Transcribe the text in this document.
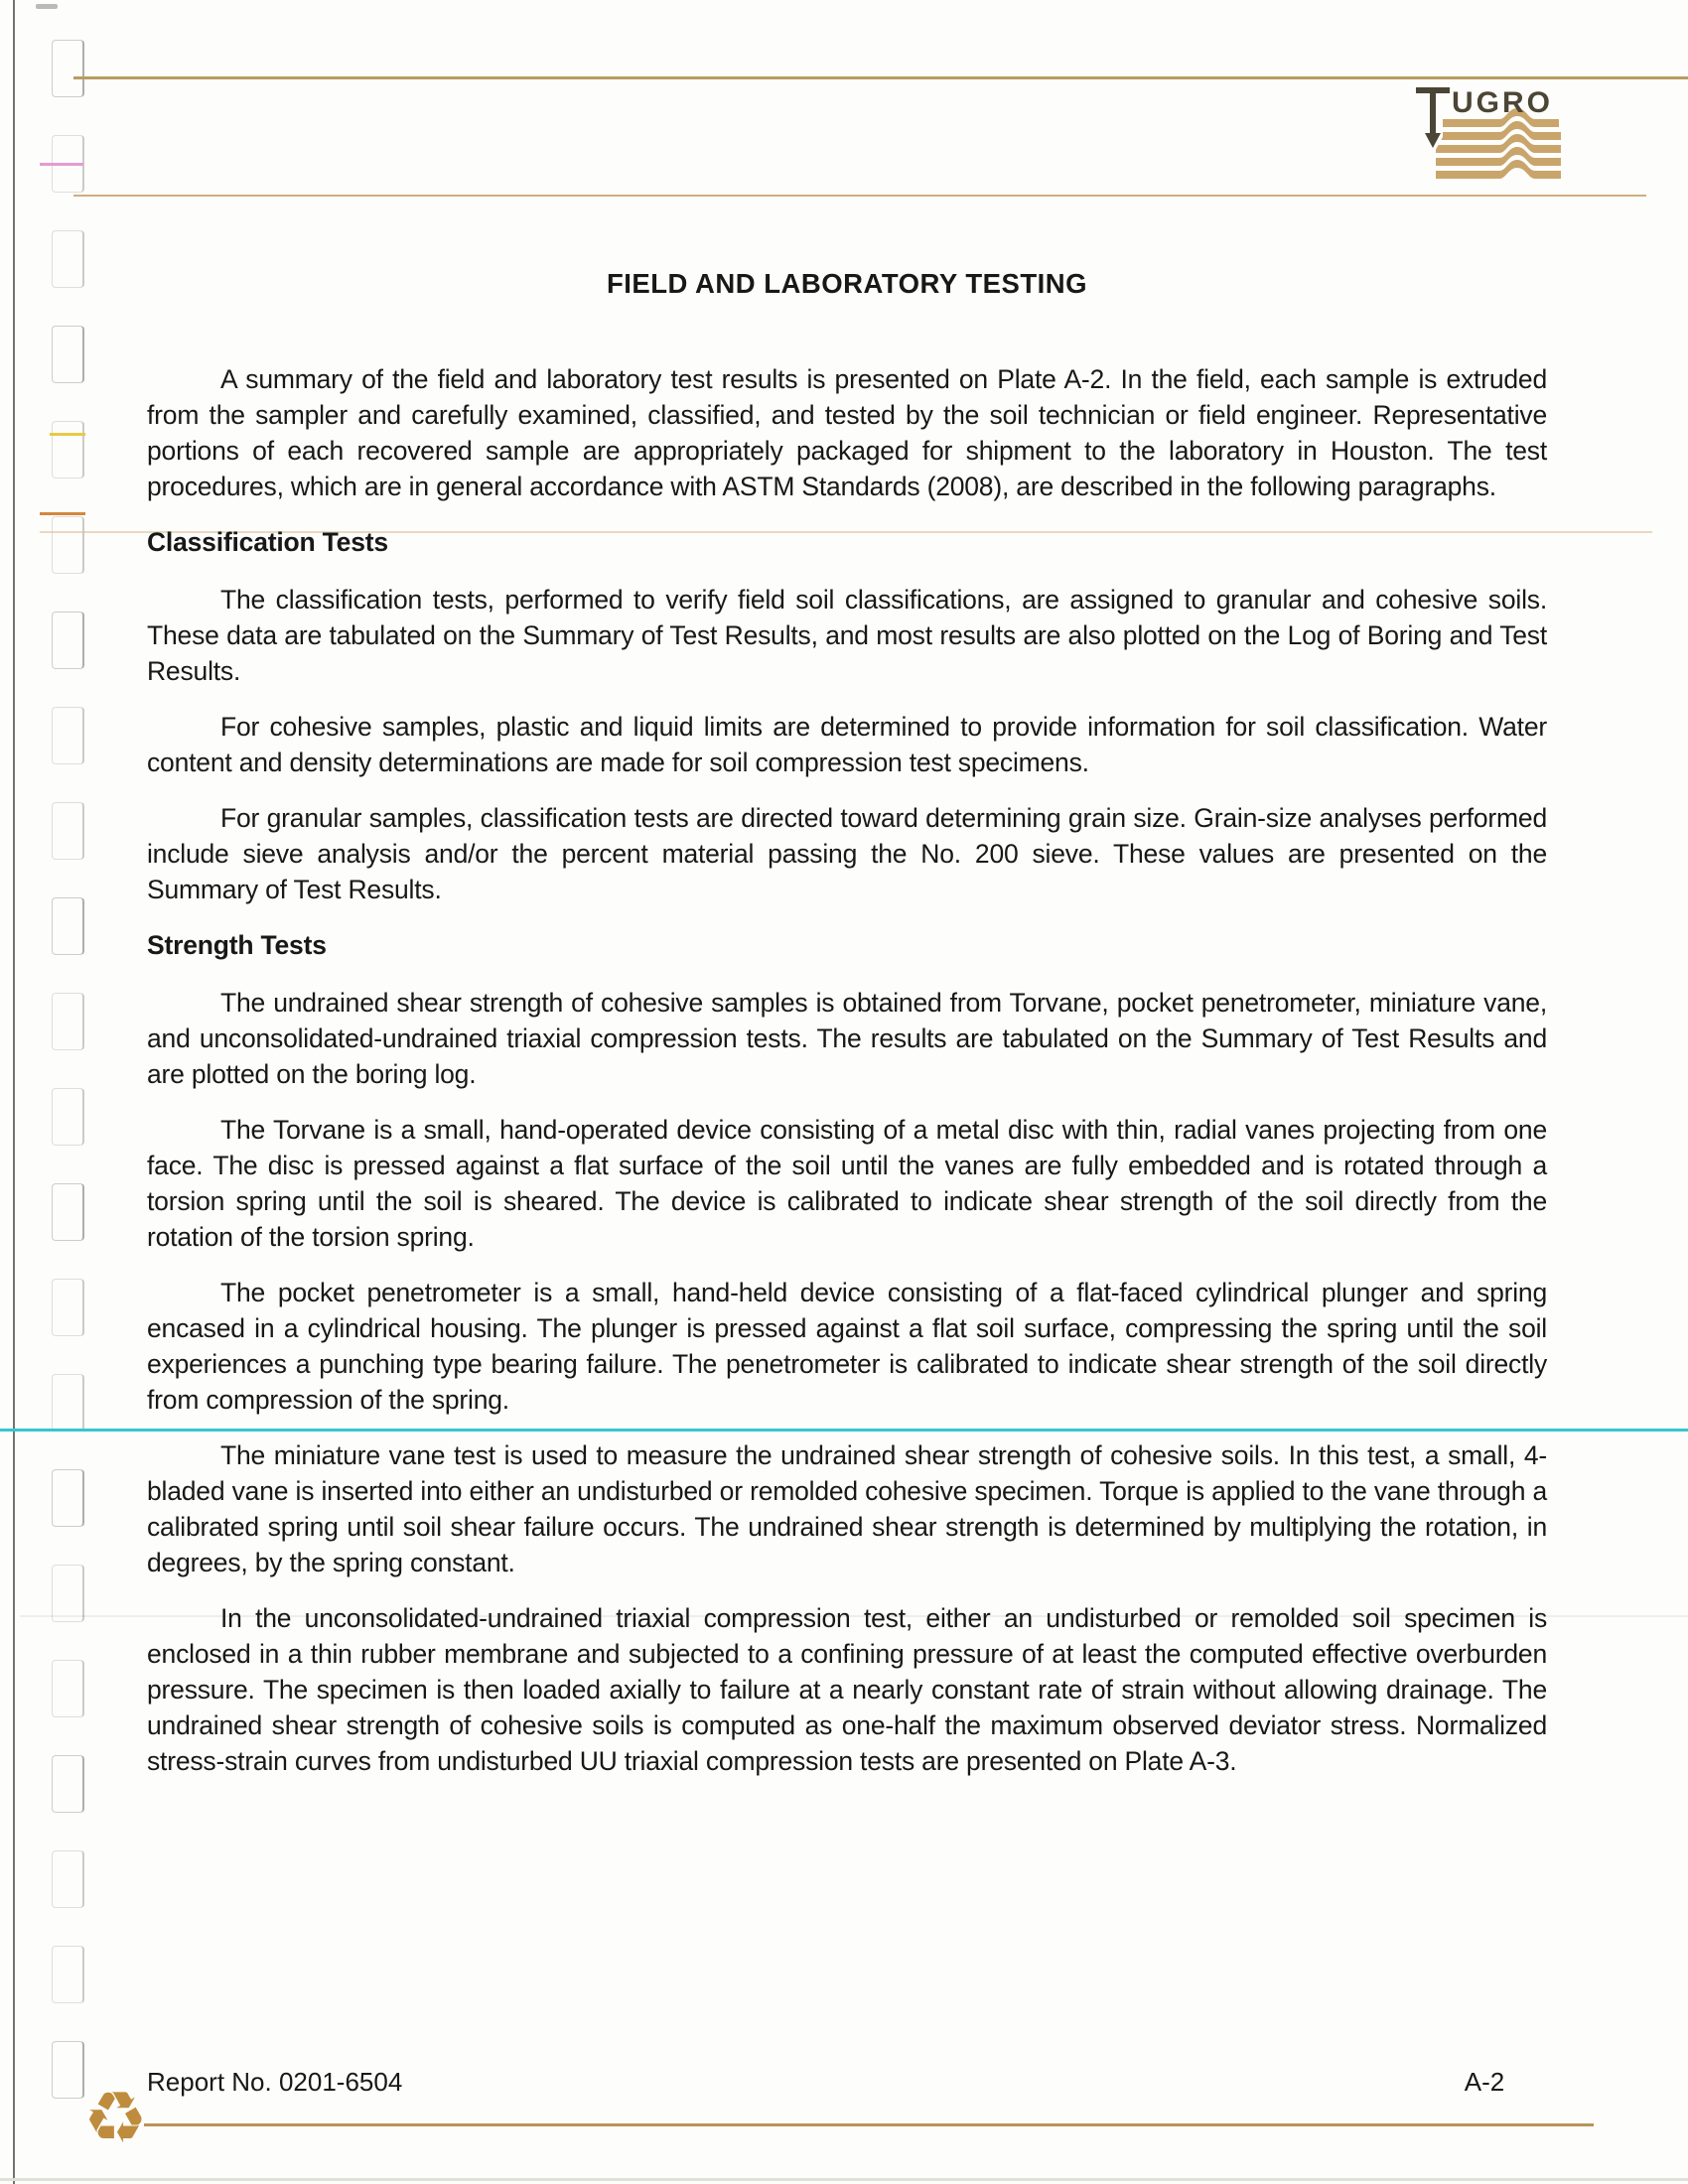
UGRO
FIELD AND LABORATORY TESTING

A summary of the field and laboratory test results is presented on Plate A-2. In the field, each sample is extruded from the sampler and carefully examined, classified, and tested by the soil technician or field engineer. Representative portions of each recovered sample are appropriately packaged for shipment to the laboratory in Houston. The test procedures, which are in general accordance with ASTM Standards (2008), are described in the following paragraphs.

Classification Tests

The classification tests, performed to verify field soil classifications, are assigned to granular and cohesive soils. These data are tabulated on the Summary of Test Results, and most results are also plotted on the Log of Boring and Test Results.

For cohesive samples, plastic and liquid limits are determined to provide information for soil classification. Water content and density determinations are made for soil compression test specimens.

For granular samples, classification tests are directed toward determining grain size. Grain-size analyses performed include sieve analysis and/or the percent material passing the No. 200 sieve. These values are presented on the Summary of Test Results.

Strength Tests

The undrained shear strength of cohesive samples is obtained from Torvane, pocket penetrometer, miniature vane, and unconsolidated-undrained triaxial compression tests. The results are tabulated on the Summary of Test Results and are plotted on the boring log.

The Torvane is a small, hand-operated device consisting of a metal disc with thin, radial vanes projecting from one face. The disc is pressed against a flat surface of the soil until the vanes are fully embedded and is rotated through a torsion spring until the soil is sheared. The device is calibrated to indicate shear strength of the soil directly from the rotation of the torsion spring.

The pocket penetrometer is a small, hand-held device consisting of a flat-faced cylindrical plunger and spring encased in a cylindrical housing. The plunger is pressed against a flat soil surface, compressing the spring until the soil experiences a punching type bearing failure. The penetrometer is calibrated to indicate shear strength of the soil directly from compression of the spring.

The miniature vane test is used to measure the undrained shear strength of cohesive soils. In this test, a small, 4-bladed vane is inserted into either an undisturbed or remolded cohesive specimen. Torque is applied to the vane through a calibrated spring until soil shear failure occurs. The undrained shear strength is determined by multiplying the rotation, in degrees, by the spring constant.

In the unconsolidated-undrained triaxial compression test, either an undisturbed or remolded soil specimen is enclosed in a thin rubber membrane and subjected to a confining pressure of at least the computed effective overburden pressure. The specimen is then loaded axially to failure at a nearly constant rate of strain without allowing drainage. The undrained shear strength of cohesive soils is computed as one-half the maximum observed deviator stress. Normalized stress-strain curves from undisturbed UU triaxial compression tests are presented on Plate A-3.

♻ Report No. 0201-6504	A-2
